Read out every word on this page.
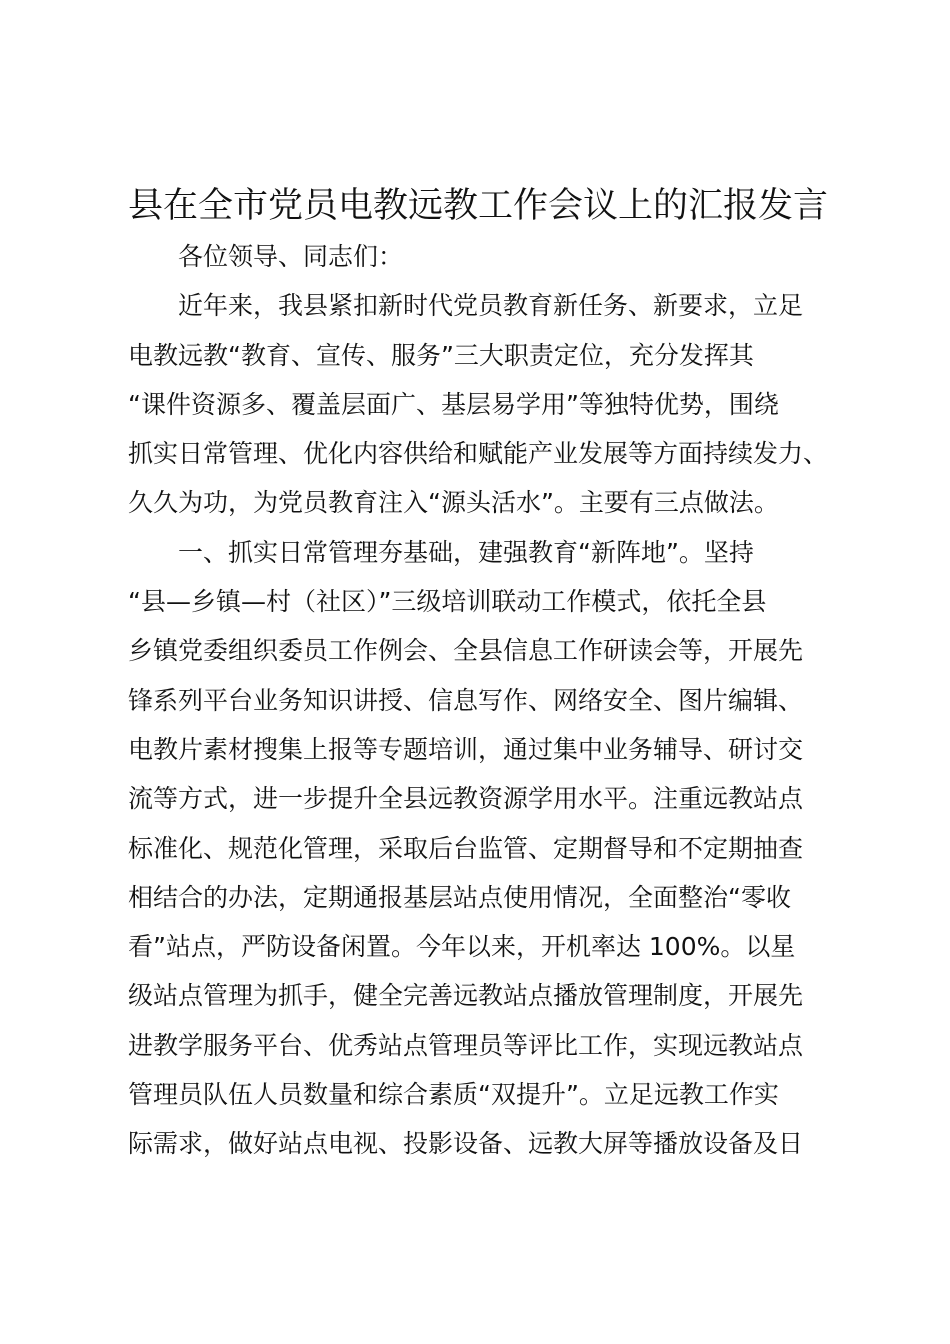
县在全市党员电教远教工作会议上的汇报发言
各位领导、同志们：
近年来，我县紧扣新时代党员教育新任务、新要求，立足
电教远教“教育、宣传、服务”三大职责定位，充分发挥其
“课件资源多、覆盖层面广、基层易学用”等独特优势，围绕
抓实日常管理、优化内容供给和赋能产业发展等方面持续发力、
久久为功，为党员教育注入“源头活水”。主要有三点做法。
一、抓实日常管理夯基础，建强教育“新阵地”。坚持
“县—乡镇—村（社区）”三级培训联动工作模式，依托全县
乡镇党委组织委员工作例会、全县信息工作研读会等，开展先
锋系列平台业务知识讲授、信息写作、网络安全、图片编辑、
电教片素材搜集上报等专题培训，通过集中业务辅导、研讨交
流等方式，进一步提升全县远教资源学用水平。注重远教站点
标准化、规范化管理，采取后台监管、定期督导和不定期抽查
相结合的办法，定期通报基层站点使用情况，全面整治“零收
看”站点，严防设备闲置。今年以来，开机率达 100%。以星
级站点管理为抓手，健全完善远教站点播放管理制度，开展先
进教学服务平台、优秀站点管理员等评比工作，实现远教站点
管理员队伍人员数量和综合素质“双提升”。立足远教工作实
际需求，做好站点电视、投影设备、远教大屏等播放设备及日
